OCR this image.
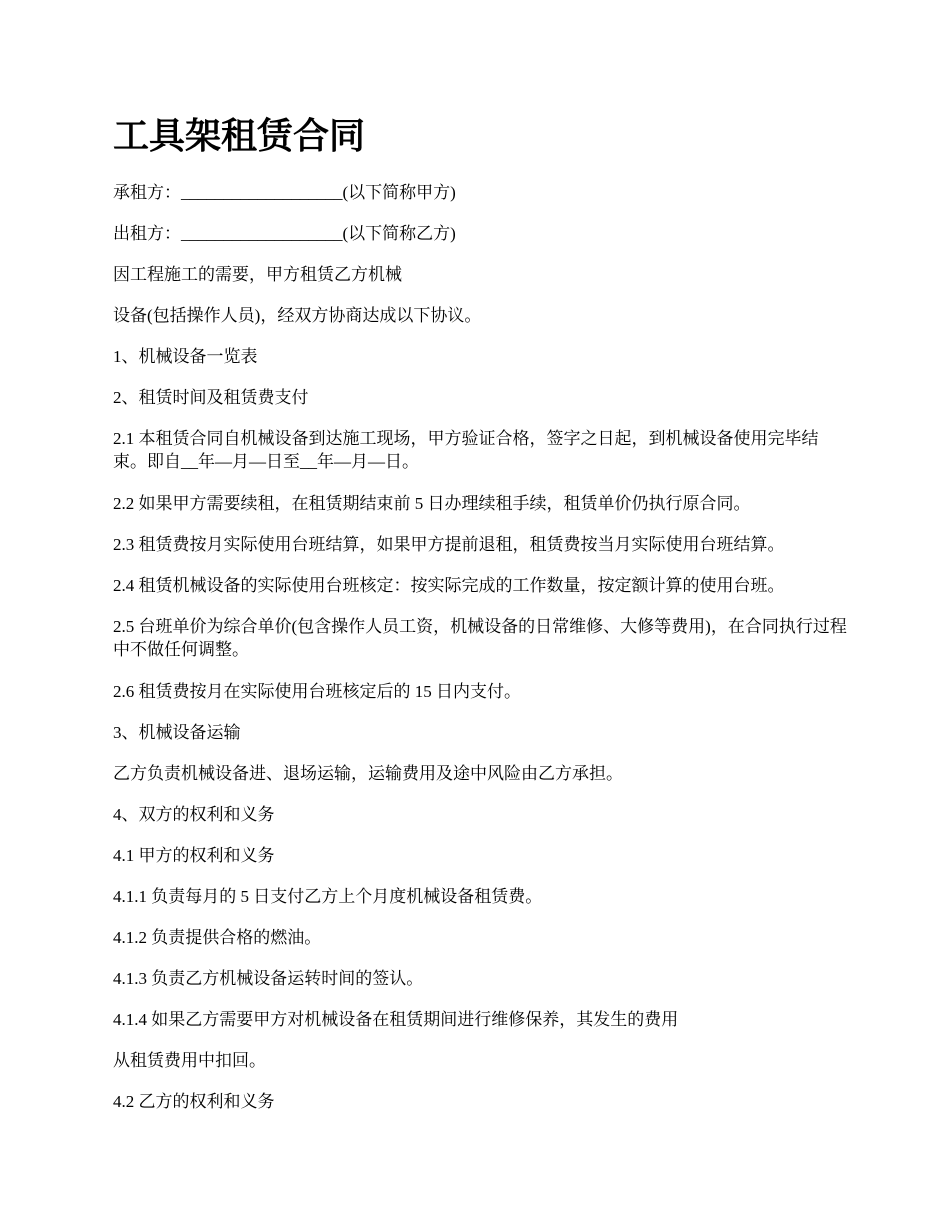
工具架租赁合同

承租方：___________________(以下简称甲方)

出租方：___________________(以下简称乙方)

因工程施工的需要，甲方租赁乙方机械

设备(包括操作人员)，经双方协商达成以下协议。

1、机械设备一览表

2、租赁时间及租赁费支付

2.1 本租赁合同自机械设备到达施工现场，甲方验证合格，签字之日起，到机械设备使用完毕结束。即自__年—月—日至__年—月—日。

2.2 如果甲方需要续租，在租赁期结束前 5 日办理续租手续，租赁单价仍执行原合同。

2.3 租赁费按月实际使用台班结算，如果甲方提前退租，租赁费按当月实际使用台班结算。

2.4 租赁机械设备的实际使用台班核定：按实际完成的工作数量，按定额计算的使用台班。

2.5 台班单价为综合单价(包含操作人员工资，机械设备的日常维修、大修等费用)，在合同执行过程中不做任何调整。

2.6 租赁费按月在实际使用台班核定后的 15 日内支付。

3、机械设备运输

乙方负责机械设备进、退场运输，运输费用及途中风险由乙方承担。

4、双方的权利和义务

4.1 甲方的权利和义务

4.1.1 负责每月的 5 日支付乙方上个月度机械设备租赁费。

4.1.2 负责提供合格的燃油。

4.1.3 负责乙方机械设备运转时间的签认。

4.1.4 如果乙方需要甲方对机械设备在租赁期间进行维修保养，其发生的费用

从租赁费用中扣回。

4.2 乙方的权利和义务
